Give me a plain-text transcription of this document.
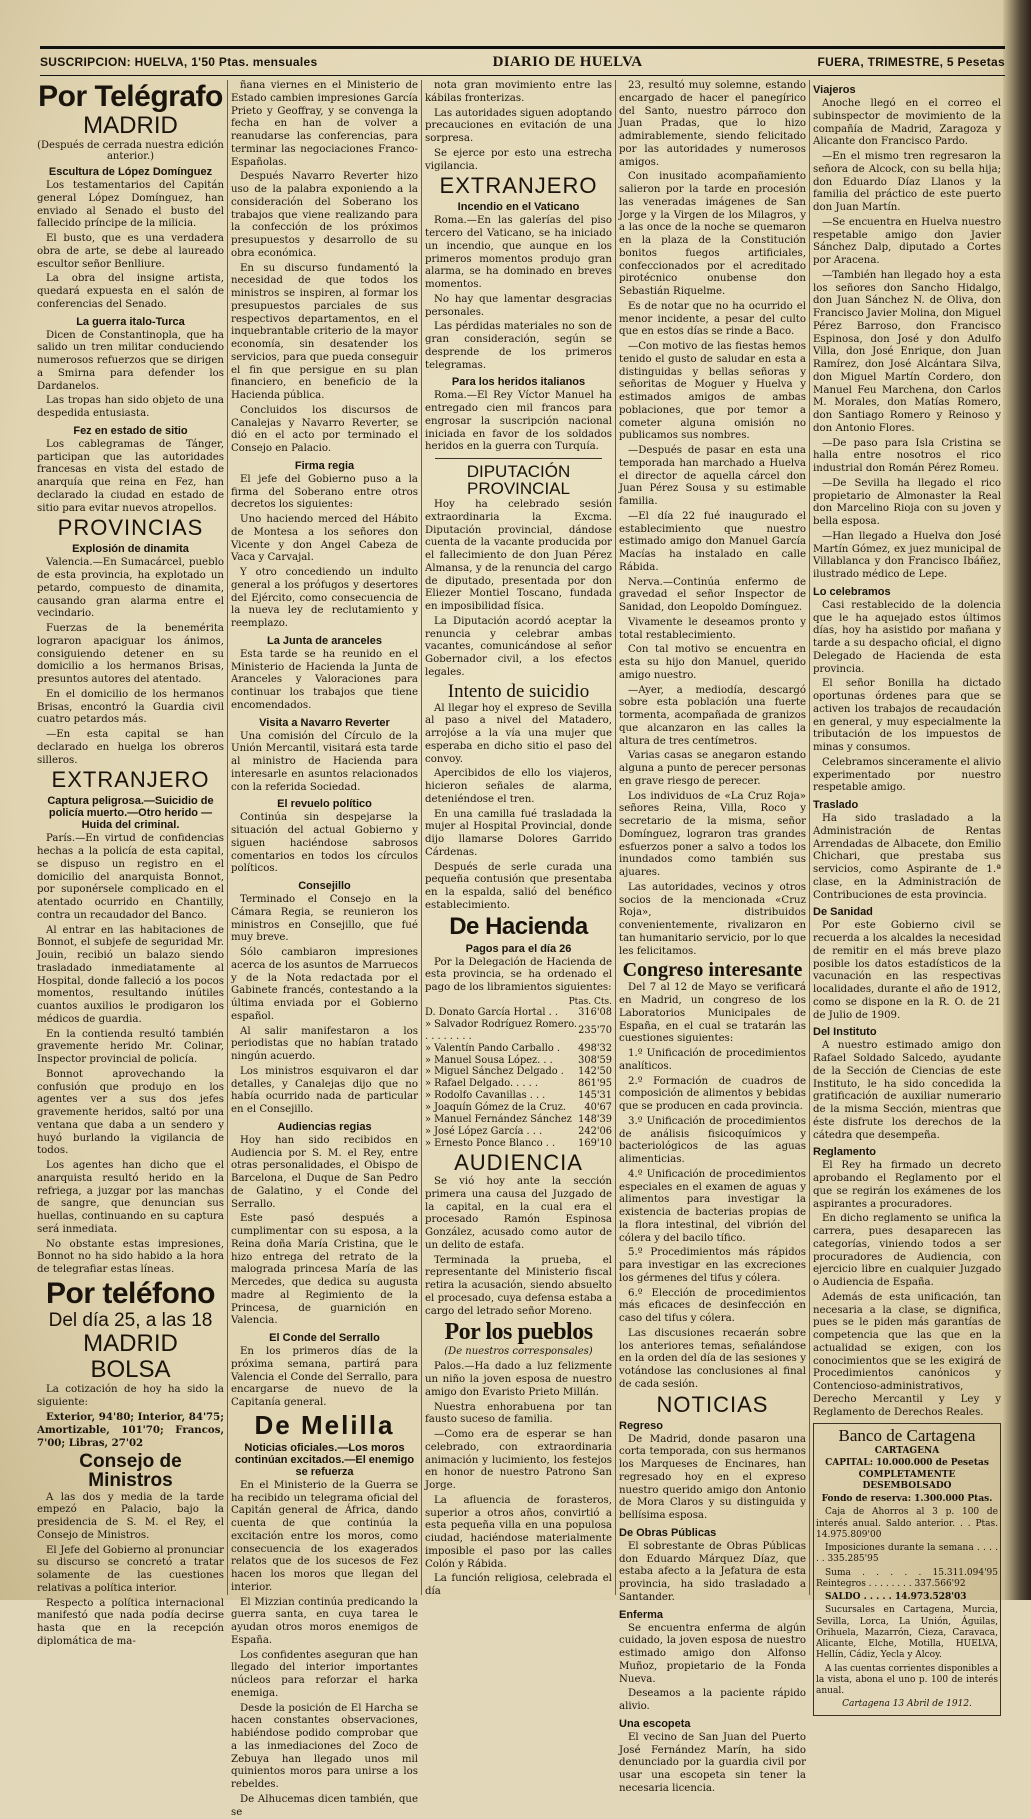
SUSCRIPCION: HUELVA, 1'50 Ptas. mensuales	DIARIO DE HUELVA	FUERA, TRIMESTRE, 5 Pesetas
Por Telégrafo
MADRID
(Después de cerrada nuestra edición anterior.)
Escultura de López Domínguez

Los testamentarios del Capitán general López Domínguez, han enviado al Senado el busto del fallecido príncipe de la milicia.

El busto, que es una verdadera obra de arte, se debe al laureado escultor señor Benlliure.

La obra del insigne artista, quedará expuesta en el salón de conferencias del Senado.

La guerra italo-Turca

Dicen de Constantinopla, que ha salido un tren militar conduciendo numerosos refuerzos que se dirigen a Smirna para defender los Dardanelos.

Las tropas han sido objeto de una despedida entusiasta.

Fez en estado de sitio

Los cablegramas de Tánger, participan que las autoridades francesas en vista del estado de anarquía que reina en Fez, han declarado la ciudad en estado de sitio para evitar nuevos atropellos.

PROVINCIAS
Explosión de dinamita

Valencia.—En Sumacárcel, pueblo de esta provincia, ha explotado un petardo, compuesto de dinamita, causando gran alarma entre el vecindario.

Fuerzas de la benemérita lograron apaciguar los ánimos, consiguiendo detener en su domicilio a los hermanos Brisas, presuntos autores del atentado.

En el domicilio de los hermanos Brisas, encontró la Guardia civil cuatro petardos más.

—En esta capital se han declarado en huelga los obreros silleros.

EXTRANJERO
Captura peligrosa.—Suicidio de policía muerto.—Otro herido —Huida del criminal.

París.—En virtud de confidencias hechas a la policía de esta capital, se dispuso un registro en el domicilio del anarquista Bonnot, por suponérsele complicado en el atentado ocurrido en Chantilly, contra un recaudador del Banco.

Al entrar en las habitaciones de Bonnot, el subjefe de seguridad Mr. Jouin, recibió un balazo siendo trasladado inmediatamente al Hospital, donde falleció a los pocos momentos, resultando inútiles cuantos auxilios le prodigaron los médicos de guardia.

En la contienda resultó también gravemente herido Mr. Colinar, Inspector provincial de policía.

Bonnot aprovechando la confusión que produjo en los agentes ver a sus dos jefes gravemente heridos, saltó por una ventana que daba a un sendero y huyó burlando la vigilancia de todos.

Los agentes han dicho que el anarquista resultó herido en la refriega, a juzgar por las manchas de sangre, que denuncian sus huellas, continuando en su captura será inmediata.

No obstante estas impresiones, Bonnot no ha sido habido a la hora de telegrafiar estas líneas.

Por teléfono
Del día 25, a las 18
MADRID
BOLSA

La cotización de hoy ha sido la siguiente:

Exterior, 94'80; Interior, 84'75; Amortizable, 101'70; Francos, 7'00; Libras, 27'02

Consejo de Ministros

A las dos y media de la tarde empezó en Palacio, bajo la presidencia de S. M. el Rey, el Consejo de Ministros.

El Jefe del Gobierno al pronunciar su discurso se concretó a tratar solamente de las cuestiones relativas a política interior.

Respecto a política internacional manifestó que nada podía decirse hasta que en la recepción diplomática de ma-

ñana viernes en el Ministerio de Estado cambien impresiones García Prieto y Geoffray, y se convenga la fecha en han de volver a reanudarse las conferencias, para terminar las negociaciones Franco-Españolas.

Después Navarro Reverter hizo uso de la palabra exponiendo a la consideración del Soberano los trabajos que viene realizando para la confección de los próximos presupuestos y desarrollo de su obra económica.

En su discurso fundamentó la necesidad de que todos los ministros se inspiren, al formar los presupuestos parciales de sus respectivos departamentos, en el inquebrantable criterio de la mayor economía, sin desatender los servicios, para que pueda conseguir el fin que persigue en su plan financiero, en beneficio de la Hacienda pública.

Concluidos los discursos de Canalejas y Navarro Reverter, se dió en el acto por terminado el Consejo en Palacio.

Firma regia

El jefe del Gobierno puso a la firma del Soberano entre otros decretos los siguientes:

Uno haciendo merced del Hábito de Montesa a los señores don Vicente y don Angel Cabeza de Vaca y Carvajal.

Y otro concediendo un indulto general a los prófugos y desertores del Ejército, como consecuencia de la nueva ley de reclutamiento y reemplazo.

La Junta de aranceles

Esta tarde se ha reunido en el Ministerio de Hacienda la Junta de Aranceles y Valoraciones para continuar los trabajos que tiene encomendados.

Visita a Navarro Reverter

Una comisión del Círculo de la Unión Mercantil, visitará esta tarde al ministro de Hacienda para interesarle en asuntos relacionados con la referida Sociedad.

El revuelo político

Continúa sin despejarse la situación del actual Gobierno y siguen haciéndose sabrosos comentarios en todos los círculos políticos.

Consejillo

Terminado el Consejo en la Cámara Regia, se reunieron los ministros en Consejillo, que fué muy breve.

Sólo cambiaron impresiones acerca de los asuntos de Marruecos y de la Nota redactada por el Gabinete francés, contestando a la última enviada por el Gobierno español.

Al salir manifestaron a los periodistas que no habían tratado ningún acuerdo.

Los ministros esquivaron el dar detalles, y Canalejas dijo que no había ocurrido nada de particular en el Consejillo.

Audiencias regias

Hoy han sido recibidos en Audiencia por S. M. el Rey, entre otras personalidades, el Obispo de Barcelona, el Duque de San Pedro de Galatino, y el Conde del Serrallo.

Este pasó después a cumplimentar con su esposa, a la Reina doña María Cristina, que le hizo entrega del retrato de la malograda princesa María de las Mercedes, que dedica su augusta madre al Regimiento de la Princesa, de guarnición en Valencia.

El Conde del Serrallo

En los primeros días de la próxima semana, partirá para Valencia el Conde del Serrallo, para encargarse de nuevo de la Capitanía general.

De Melilla
Noticias oficiales.—Los moros continúan excitados.—El enemigo se refuerza

En el Ministerio de la Guerra se ha recibido un telegrama oficial del Capitán general de África, dando cuenta de que continúa la excitación entre los moros, como consecuencia de los exagerados relatos que de los sucesos de Fez hacen los moros que llegan del interior.

El Mizzian continúa predicando la guerra santa, en cuya tarea le ayudan otros moros enemigos de España.

Los confidentes aseguran que han llegado del interior importantes núcleos para reforzar el harka enemiga.

Desde la posición de El Harcha se hacen constantes observaciones, habiéndose podido comprobar que a las inmediaciones del Zoco de Zebuya han llegado unos mil quinientos moros para unirse a los rebeldes.

De Alhucemas dicen también, que se

nota gran movimiento entre las kábilas fronterizas.

Las autoridades siguen adoptando precauciones en evitación de una sorpresa.

Se ejerce por esto una estrecha vigilancia.

EXTRANJERO
Incendio en el Vaticano

Roma.—En las galerías del piso tercero del Vaticano, se ha iniciado un incendio, que aunque en los primeros momentos produjo gran alarma, se ha dominado en breves momentos.

No hay que lamentar desgracias personales.

Las pérdidas materiales no son de gran consideración, según se desprende de los primeros telegramas.

Para los heridos italianos

Roma.—El Rey Víctor Manuel ha entregado cien mil francos para engrosar la suscripción nacional iniciada en favor de los soldados heridos en la guerra con Turquía.

DIPUTACIÓN PROVINCIAL

Hoy ha celebrado sesión extraordinaria la Excma. Diputación provincial, dándose cuenta de la vacante producida por el fallecimiento de don Juan Pérez Almansa, y de la renuncia del cargo de diputado, presentada por don Eliezer Montiel Toscano, fundada en imposibilidad física.

La Diputación acordó aceptar la renuncia y celebrar ambas vacantes, comunicándose al señor Gobernador civil, a los efectos legales.

Intento de suicidio

Al llegar hoy el expreso de Sevilla al paso a nivel del Matadero, arrojóse a la vía una mujer que esperaba en dicho sitio el paso del convoy.

Apercibidos de ello los viajeros, hicieron señales de alarma, deteniéndose el tren.

En una camilla fué trasladada la mujer al Hospital Provincial, donde dijo llamarse Dolores Garrido Cárdenas.

Después de serle curada una pequeña contusión que presentaba en la espalda, salió del benéfico establecimiento.

De Hacienda
Pagos para el día 26

Por la Delegación de Hacienda de esta provincia, se ha ordenado el pago de los libramientos siguientes:

Ptas. Cts.
D. Donato García Hortal . .	316'08
» Salvador Rodríguez Romero. . . . . . . . .	235'70
» Valentín Pando Carballo .	498'32
» Manuel Sousa López. . .	308'59
» Miguel Sánchez Delgado .	142'50
» Rafael Delgado. . . . .	861'95
» Rodolfo Cavanillas . . .	145'31
» Joaquín Gómez de la Cruz.	40'67
» Manuel Fernández Sánchez	148'39
» José López García . . .	242'06
» Ernesto Ponce Blanco . .	169'10
AUDIENCIA

Se vió hoy ante la sección primera una causa del Juzgado de la capital, en la cual era el procesado Ramón Espinosa González, acusado como autor de un delito de estafa.

Terminada la prueba, el representante del Ministerio fiscal retira la acusación, siendo absuelto el procesado, cuya defensa estaba a cargo del letrado señor Moreno.

Por los pueblos
(De nuestros corresponsales)

Palos.—Ha dado a luz felizmente un niño la joven esposa de nuestro amigo don Evaristo Prieto Millán.

Nuestra enhorabuena por tan fausto suceso de familia.

—Como era de esperar se han celebrado, con extraordinaria animación y lucimiento, los festejos en honor de nuestro Patrono San Jorge.

La afluencia de forasteros, superior a otros años, convirtió a esta pequeña villa en una populosa ciudad, haciéndose materialmente imposible el paso por las calles Colón y Rábida.

La función religiosa, celebrada el día

23, resultó muy solemne, estando encargado de hacer el panegírico del Santo, nuestro párroco don Juan Pradas, que lo hizo admirablemente, siendo felicitado por las autoridades y numerosos amigos.

Con inusitado acompañamiento salieron por la tarde en procesión las veneradas imágenes de San Jorge y la Virgen de los Milagros, y a las once de la noche se quemaron en la plaza de la Constitución bonitos fuegos artificiales, confeccionados por el acreditado pirotécnico onubense don Sebastián Riquelme.

Es de notar que no ha ocurrido el menor incidente, a pesar del culto que en estos días se rinde a Baco.

—Con motivo de las fiestas hemos tenido el gusto de saludar en esta a distinguidas y bellas señoras y señoritas de Moguer y Huelva y estimados amigos de ambas poblaciones, que por temor a cometer alguna omisión no publicamos sus nombres.

—Después de pasar en esta una temporada han marchado a Huelva el director de aquella cárcel don Juan Pérez Sousa y su estimable familia.

—El día 22 fué inaugurado el establecimiento que nuestro estimado amigo don Manuel García Macías ha instalado en calle Rábida.

Nerva.—Continúa enfermo de gravedad el señor Inspector de Sanidad, don Leopoldo Domínguez.

Vivamente le deseamos pronto y total restablecimiento.

Con tal motivo se encuentra en esta su hijo don Manuel, querido amigo nuestro.

—Ayer, a mediodía, descargó sobre esta población una fuerte tormenta, acompañada de granizos que alcanzaron en las calles la altura de tres centímetros.

Varias casas se anegaron estando alguna a punto de perecer personas en grave riesgo de perecer.

Los individuos de «La Cruz Roja» señores Reina, Villa, Roco y secretario de la misma, señor Domínguez, lograron tras grandes esfuerzos poner a salvo a todos los inundados como también sus ajuares.

Las autoridades, vecinos y otros socios de la mencionada «Cruz Roja», distribuidos convenientemente, rivalizaron en tan humanitario servicio, por lo que les felicitamos.

Congreso interesante

Del 7 al 12 de Mayo se verificará en Madrid, un congreso de los Laboratorios Municipales de España, en el cual se tratarán las cuestiones siguientes:

1.º Unificación de procedimientos analíticos.

2.º Formación de cuadros de composición de alimentos y bebidas que se producen en cada provincia.

3.º Unificación de procedimientos de análisis fisicoquímicos y bacteriológicos de las aguas alimenticias.

4.º Unificación de procedimientos especiales en el examen de aguas y alimentos para investigar la existencia de bacterias propias de la flora intestinal, del vibrión del cólera y del bacilo tífico.

5.º Procedimientos más rápidos para investigar en las excreciones los gérmenes del tifus y cólera.

6.º Elección de procedimientos más eficaces de desinfección en caso del tifus y cólera.

Las discusiones recaerán sobre los anteriores temas, señalándose en la orden del día de las sesiones y votándose las conclusiones al final de cada sesión.

NOTICIAS
Regreso

De Madrid, donde pasaron una corta temporada, con sus hermanos los Marqueses de Encinares, han regresado hoy en el expreso nuestro querido amigo don Antonio de Mora Claros y su distinguida y bellísima esposa.

De Obras Públicas

El sobrestante de Obras Públicas don Eduardo Márquez Díaz, que estaba afecto a la Jefatura de esta provincia, ha sido trasladado a Santander.

Enferma

Se encuentra enferma de algún cuidado, la joven esposa de nuestro estimado amigo don Alfonso Muñoz, propietario de la Fonda Nueva.

Deseamos a la paciente rápido alivio.

Una escopeta

El vecino de San Juan del Puerto José Fernández Marín, ha sido denunciado por la guardia civil por usar una escopeta sin tener la necesaria licencia.

Viajeros

Anoche llegó en el correo el subinspector de movimiento de la compañía de Madrid, Zaragoza y Alicante don Francisco Pardo.

—En el mismo tren regresaron la señora de Alcock, con su bella hija; don Eduardo Díaz Llanos y la familia del práctico de este puerto don Juan Martín.

—Se encuentra en Huelva nuestro respetable amigo don Javier Sánchez Dalp, diputado a Cortes por Aracena.

—También han llegado hoy a esta los señores don Sancho Hidalgo, don Juan Sánchez N. de Oliva, don Francisco Javier Molina, don Miguel Pérez Barroso, don Francisco Espinosa, don José y don Adulfo Villa, don José Enrique, don Juan Ramírez, don José Alcántara Silva, don Miguel Martín Cordero, don Manuel Feu Marchena, don Carlos M. Morales, don Matías Romero, don Santiago Romero y Reinoso y don Antonio Flores.

—De paso para Isla Cristina se halla entre nosotros el rico industrial don Román Pérez Romeu.

—De Sevilla ha llegado el rico propietario de Almonaster la Real don Marcelino Rioja con su joven y bella esposa.

—Han llegado a Huelva don José Martín Gómez, ex juez municipal de Villablanca y don Francisco Ibáñez, ilustrado médico de Lepe.

Lo celebramos

Casi restablecido de la dolencia que le ha aquejado estos últimos días, hoy ha asistido por mañana y tarde a su despacho oficial, el digno Delegado de Hacienda de esta provincia.

El señor Bonilla ha dictado oportunas órdenes para que se activen los trabajos de recaudación en general, y muy especialmente la tributación de los impuestos de minas y consumos.

Celebramos sinceramente el alivio experimentado por nuestro respetable amigo.

Traslado

Ha sido trasladado a la Administración de Rentas Arrendadas de Albacete, don Emilio Chichari, que prestaba sus servicios, como Aspirante de 1.ª clase, en la Administración de Contribuciones de esta provincia.

De Sanidad

Por este Gobierno civil se recuerda a los alcaldes la necesidad de remitir en el más breve plazo posible los datos estadísticos de la vacunación en las respectivas localidades, durante el año de 1912, como se dispone en la R. O. de 21 de Julio de 1909.

Del Instituto

A nuestro estimado amigo don Rafael Soldado Salcedo, ayudante de la Sección de Ciencias de este Instituto, le ha sido concedida la gratificación de auxiliar numerario de la misma Sección, mientras que éste disfrute los derechos de la cátedra que desempeña.

Reglamento

El Rey ha firmado un decreto aprobando el Reglamento por el que se regirán los exámenes de los aspirantes a procuradores.

En dicho reglamento se unifica la carrera, pues desaparecen las categorías, viniendo todos a ser procuradores de Audiencia, con ejercicio libre en cualquier Juzgado o Audiencia de España.

Además de esta unificación, tan necesaria a la clase, se dignifica, pues se le piden más garantías de competencia que las que en la actualidad se exigen, con los conocimientos que se les exigirá de Procedimientos canónicos y Contencioso-administrativos, Derecho Mercantil y Ley y Reglamento de Derechos Reales.

Banco de Cartagena
CARTAGENA

CAPITAL: 10.000.000 de Pesetas COMPLETAMENTE DESEMBOLSADO

Fondo de reserva: 1.300.000 Ptas.

Caja de Ahorros al 3 p. 100 de interés anual. Saldo anterior. . . Ptas. 14.975.809'00

Imposiciones durante la semana . . . . . . 335.285'95

Suma . . . . . 15.311.094'95 Reintegros . . . . . . . . 337.566'92

SALDO . . . . . 14.973.528'03

Sucursales en Cartagena, Murcia, Sevilla, Lorca, La Unión, Águilas, Orihuela, Mazarrón, Cieza, Caravaca, Alicante, Elche, Motilla, HUELVA, Hellín, Cádiz, Yecla y Alcoy.

A las cuentas corrientes disponibles a la vista, abona el uno p. 100 de interés anual.

Cartagena 13 Abril de 1912.
